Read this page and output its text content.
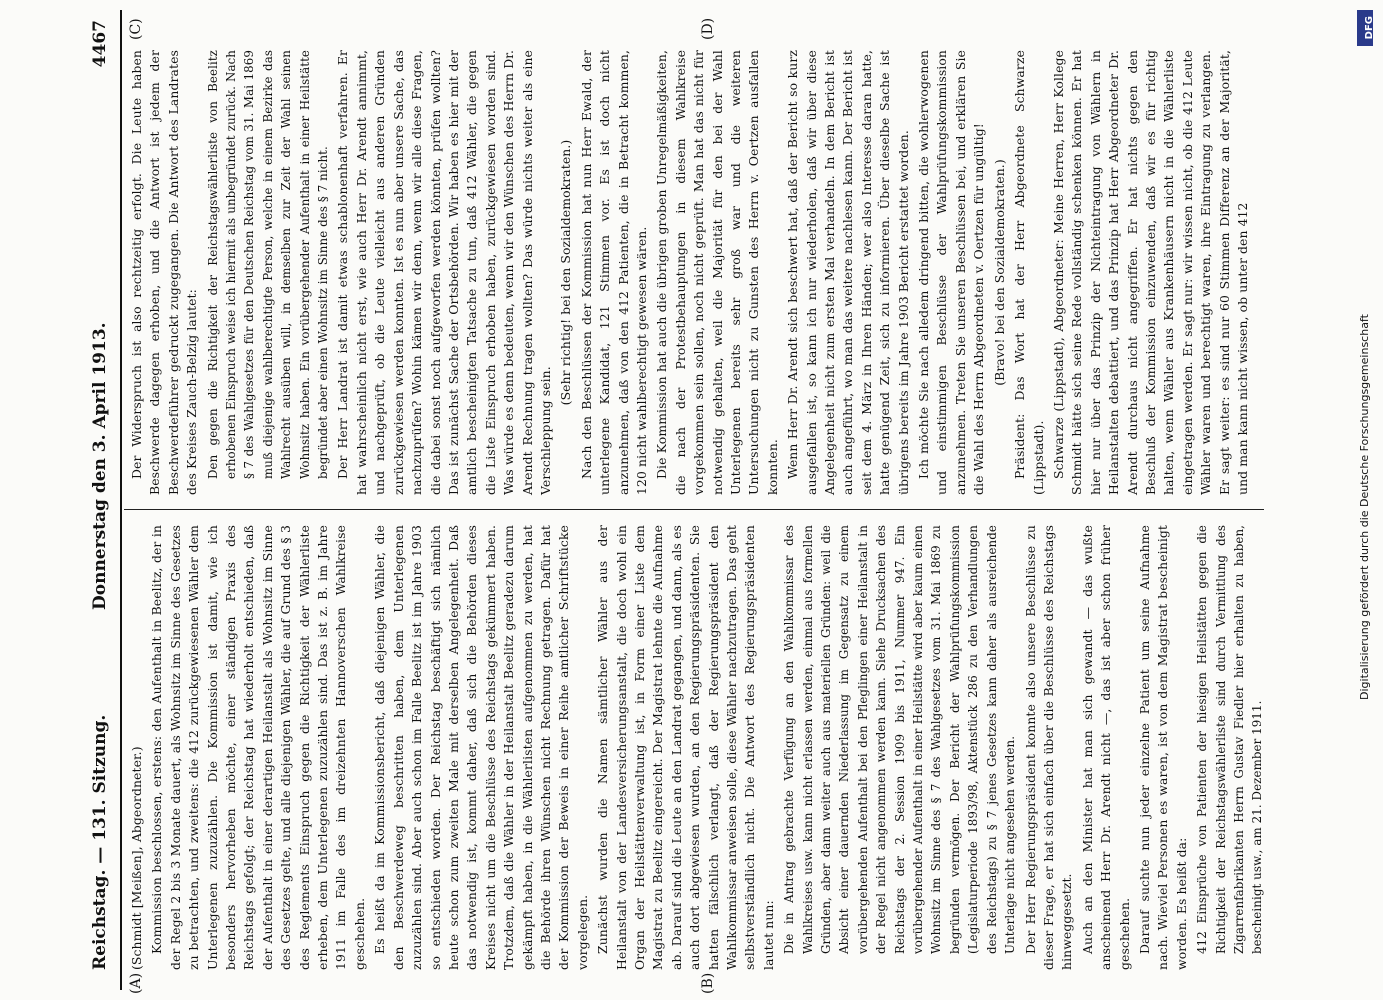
Reichstag. — 131. Sitzung.
Donnerstag den 3. April 1913.
4467
(A)	(B)
(C)	(D)

(Schmidt [Meißen], Abgeordneter.) Kommission beschlossen, erstens: den Aufenthalt in Beelitz, der in der Regel 2 bis 3 Monate dauert, als Wohnsitz im Sinne des Gesetzes zu betrachten, und zweitens: die 412 zurückgewiesenen Wähler dem Unterlegenen zuzuzählen. Die Kommission ist damit, wie ich besonders hervorheben möchte, einer ständigen Praxis des Reichstags gefolgt; der Reichstag hat wiederholt entschieden, daß der Aufenthalt in einer derartigen Heilanstalt als Wohnsitz im Sinne des Gesetzes gelte, und alle diejenigen Wähler, die auf Grund des § 3 des Reglements Einspruch gegen die Richtigkeit der Wählerliste erheben, dem Unterlegenen zuzuzählen sind. Das ist z. B. im Jahre 1911 im Falle des im dreizehnten Hannoverschen Wahlkreise geschehen. Es heißt da im Kommissionsbericht, daß diejenigen Wähler, die den Beschwerdeweg beschritten haben, dem Unterlegenen zuzuzählen sind. Aber auch schon im Falle Beelitz ist im Jahre 1903 so entschieden worden. Der Reichstag beschäftigt sich nämlich heute schon zum zweiten Male mit derselben Angelegenheit. Daß das notwendig ist, kommt daher, daß sich die Behörden dieses Kreises nicht um die Beschlüsse des Reichstags gekümmert haben. Trotzdem, daß die Wähler in der Heilanstalt Beelitz geradezu darum gekämpft haben, in die Wählerlisten aufgenommen zu werden, hat die Behörde ihren Wünschen nicht Rechnung getragen. Dafür hat der Kommission der Beweis in einer Reihe amtlicher Schriftstücke vorgelegen. Zunächst wurden die Namen sämtlicher Wähler aus der Heilanstalt von der Landesversicherungsanstalt, die doch wohl ein Organ der Heilstättenverwaltung ist, in Form einer Liste dem Magistrat zu Beelitz eingereicht. Der Magistrat lehnte die Aufnahme ab. Darauf sind die Leute an den Landrat gegangen, und dann, als es auch dort abgewiesen wurden, an den Regierungspräsidenten. Sie hatten fälschlich verlangt, daß der Regierungspräsident den Wahlkommissar anweisen solle, diese Wähler nachzutragen. Das geht selbstverständlich nicht. Die Antwort des Regierungspräsidenten lautet nun: Die in Antrag gebrachte Verfügung an den Wahlkommissar des Wahlkreises usw. kann nicht erlassen werden, einmal aus formellen Gründen, aber dann weiter auch aus materiellen Gründen: weil die Absicht einer dauernden Niederlassung im Gegensatz zu einem vorübergehenden Aufenthalt bei den Pfleglingen einer Heilanstalt in der Regel nicht angenommen werden kann. Siehe Drucksachen des Reichstags der 2. Session 1909 bis 1911, Nummer 947. Ein vorübergehender Aufenthalt in einer Heilstätte wird aber kaum einen Wohnsitz im Sinne des § 7 des Wahlgesetzes vom 31. Mai 1869 zu begründen vermögen. Der Bericht der Wahlprüfungskommission (Legislaturperiode 1893/98, Aktenstück 286 zu den Verhandlungen des Reichstags) zu § 7 jenes Gesetzes kann daher als ausreichende Unterlage nicht angesehen werden. Der Herr Regierungspräsident konnte also unsere Beschlüsse zu dieser Frage, er hat sich einfach über die Beschlüsse des Reichstags hinweggesetzt. Auch an den Minister hat man sich gewandt — das wußte anscheinend Herr Dr. Arendt nicht —, das ist aber schon früher geschehen. Darauf suchte nun jeder einzelne Patient um seine Aufnahme nach. Wieviel Personen es waren, ist von dem Magistrat bescheinigt worden. Es heißt da: 412 Einsprüche von Patienten der hiesigen Heilstätten gegen die Richtigkeit der Reichstagswählerliste sind durch Vermittlung des Zigarrenfabrikanten Herrn Gustav Fiedler hier erhalten zu haben, bescheinigt usw., am 21. Dezember 1911.

Der Widerspruch ist also rechtzeitig erfolgt. Die Leute haben Beschwerde dagegen erhoben, und die Antwort ist jedem der Beschwerdeführer gedruckt zugegangen. Die Antwort des Landrates des Kreises Zauch-Belzig lautet: Den gegen die Richtigkeit der Reichstagswählerliste von Beelitz erhobenen Einspruch weise ich hiermit als unbegründet zurück. Nach § 7 des Wahlgesetzes für den Deutschen Reichstag vom 31. Mai 1869 muß diejenige wahlberechtigte Person, welche in einem Bezirke das Wahlrecht ausüben will, in demselben zur Zeit der Wahl seinen Wohnsitz haben. Ein vorübergehender Aufenthalt in einer Heilstätte begründet aber einen Wohnsitz im Sinne des § 7 nicht. Der Herr Landrat ist damit etwas schablonenhaft verfahren. Er hat wahrscheinlich nicht erst, wie auch Herr Dr. Arendt annimmt, und nachgeprüft, ob die Leute vielleicht aus anderen Gründen zurückgewiesen werden konnten. Ist es nun aber unsere Sache, das nachzuprüfen? Wohin kämen wir denn, wenn wir alle diese Fragen, die dabei sonst noch aufgeworfen werden könnten, prüfen wollten? Das ist zunächst Sache der Ortsbehörden. Wir haben es hier mit der amtlich bescheinigten Tatsache zu tun, daß 412 Wähler, die gegen die Liste Einspruch erhoben haben, zurückgewiesen worden sind. Was würde es denn bedeuten, wenn wir den Wünschen des Herrn Dr. Arendt Rechnung tragen wollten? Das würde nichts weiter als eine Verschleppung sein.

(Sehr richtig! bei den Sozialdemokraten.) Nach den Beschlüssen der Kommission hat nun Herr Ewald, der unterlegene Kandidat, 121 Stimmen vor. Es ist doch nicht anzunehmen, daß von den 412 Patienten, die in Betracht kommen, 120 nicht wahlberechtigt gewesen wären. Die Kommission hat auch die übrigen groben Unregelmäßigkeiten, die nach der Protestbehauptungen in diesem Wahlkreise vorgekommen sein sollen, noch nicht geprüft. Man hat das nicht für notwendig gehalten, weil die Majorität für den bei der Wahl Unterlegenen bereits sehr groß war und die weiteren Untersuchungen nicht zu Gunsten des Herrn v. Oertzen ausfallen konnten. Wenn Herr Dr. Arendt sich beschwert hat, daß der Bericht so kurz ausgefallen ist, so kann ich nur wiederholen, daß wir über diese Angelegenheit nicht zum ersten Mal verhandeln. In dem Bericht ist auch angeführt, wo man das weitere nachlesen kann. Der Bericht ist seit dem 4. März in Ihren Händen; wer also Interesse daran hatte, hatte genügend Zeit, sich zu informieren. Über dieselbe Sache ist übrigens bereits im Jahre 1903 Bericht erstattet worden. Ich möchte Sie nach alledem dringend bitten, die wohlerwogenen und einstimmigen Beschlüsse der Wahlprüfungskommission anzunehmen. Treten Sie unseren Beschlüssen bei, und erklären Sie die Wahl des Herrn Abgeordneten v. Oertzen für ungültig! (Bravo! bei den Sozialdemokraten.) Präsident: Das Wort hat der Herr Abgeordnete Schwarze (Lippstadt). Schwarze (Lippstadt), Abgeordneter: Meine Herren, Herr Kollege Schmidt hätte sich seine Rede vollständig schenken können. Er hat hier nur über das Prinzip der Nichteintragung von Wählern in Heilanstalten debattiert, und das Prinzip hat Herr Abgeordneter Dr. Arendt durchaus nicht angegriffen. Er hat nichts gegen den Beschluß der Kommission einzuwenden, daß wir es für richtig halten, wenn Wähler aus Krankenhäusern nicht in die Wählerliste eingetragen werden. Er sagt nur: wir wissen nicht, ob die 412 Leute Wähler waren und berechtigt waren, ihre Eintragung zu verlangen. Er sagt weiter: es sind nur 60 Stimmen Differenz an der Majorität, und man kann nicht wissen, ob unter den 412

DFG
Digitalisierung gefördert durch die Deutsche Forschungsgemeinschaft
